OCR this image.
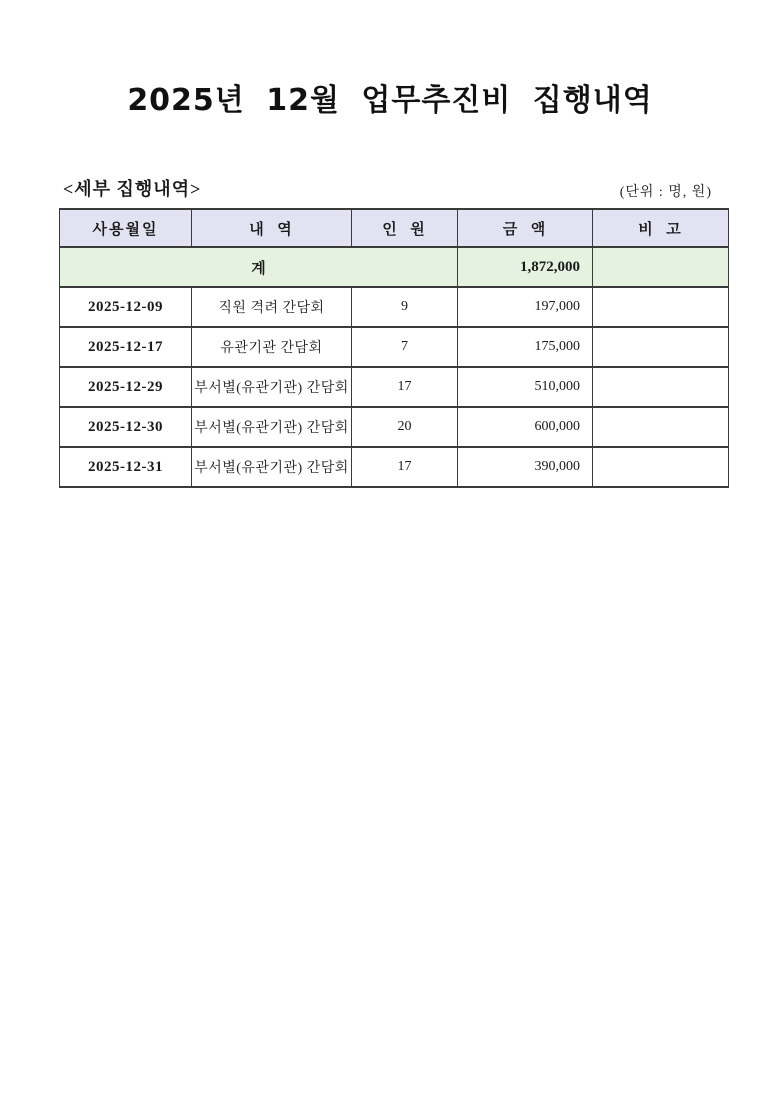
2025년 12월 업무추진비 집행내역
<세부 집행내역>	(단위 : 명, 원)
사용월일	내  역	인  원	금  액	비  고
계			1,872,000	
2025-12-09	직원 격려 간담회	9	197,000	
2025-12-17	유관기관 간담회	7	175,000	
2025-12-29	부서별(유관기관) 간담회	17	510,000	
2025-12-30	부서별(유관기관) 간담회	20	600,000	
2025-12-31	부서별(유관기관) 간담회	17	390,000	
